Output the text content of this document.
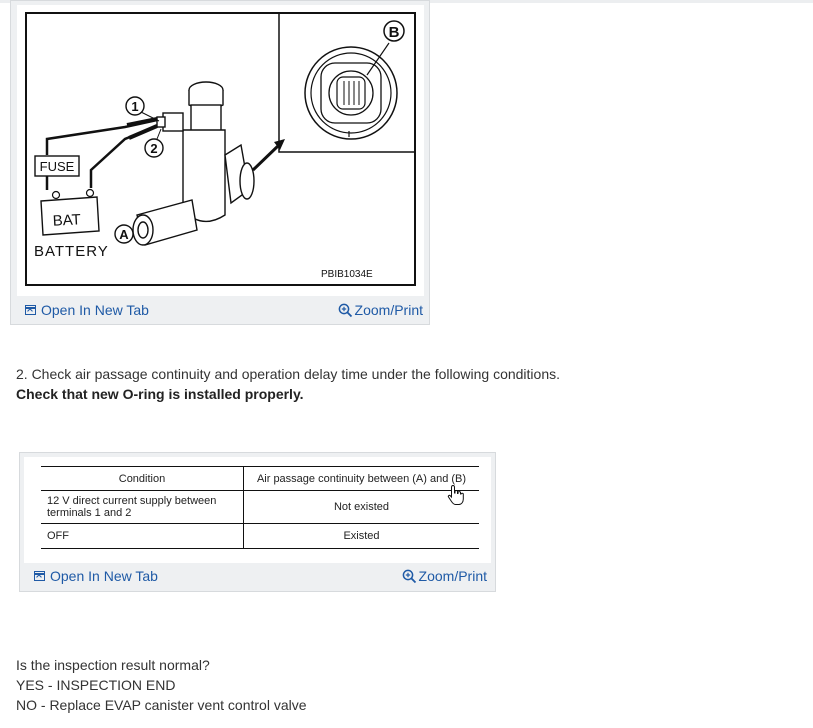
B
1
2
FUSE
BAT
BATTERY
A
PBIB1034E
Open In New Tab	Zoom/Print
2. Check air passage continuity and operation delay time under the following conditions.
Check that new O-ring is installed properly.
Condition	Air passage continuity between (A) and (B)
12 V direct current supply between terminals 1 and 2	Not existed
OFF	Existed
Open In New Tab	Zoom/Print
Is the inspection result normal?
YES - INSPECTION END
NO - Replace EVAP canister vent control valve
